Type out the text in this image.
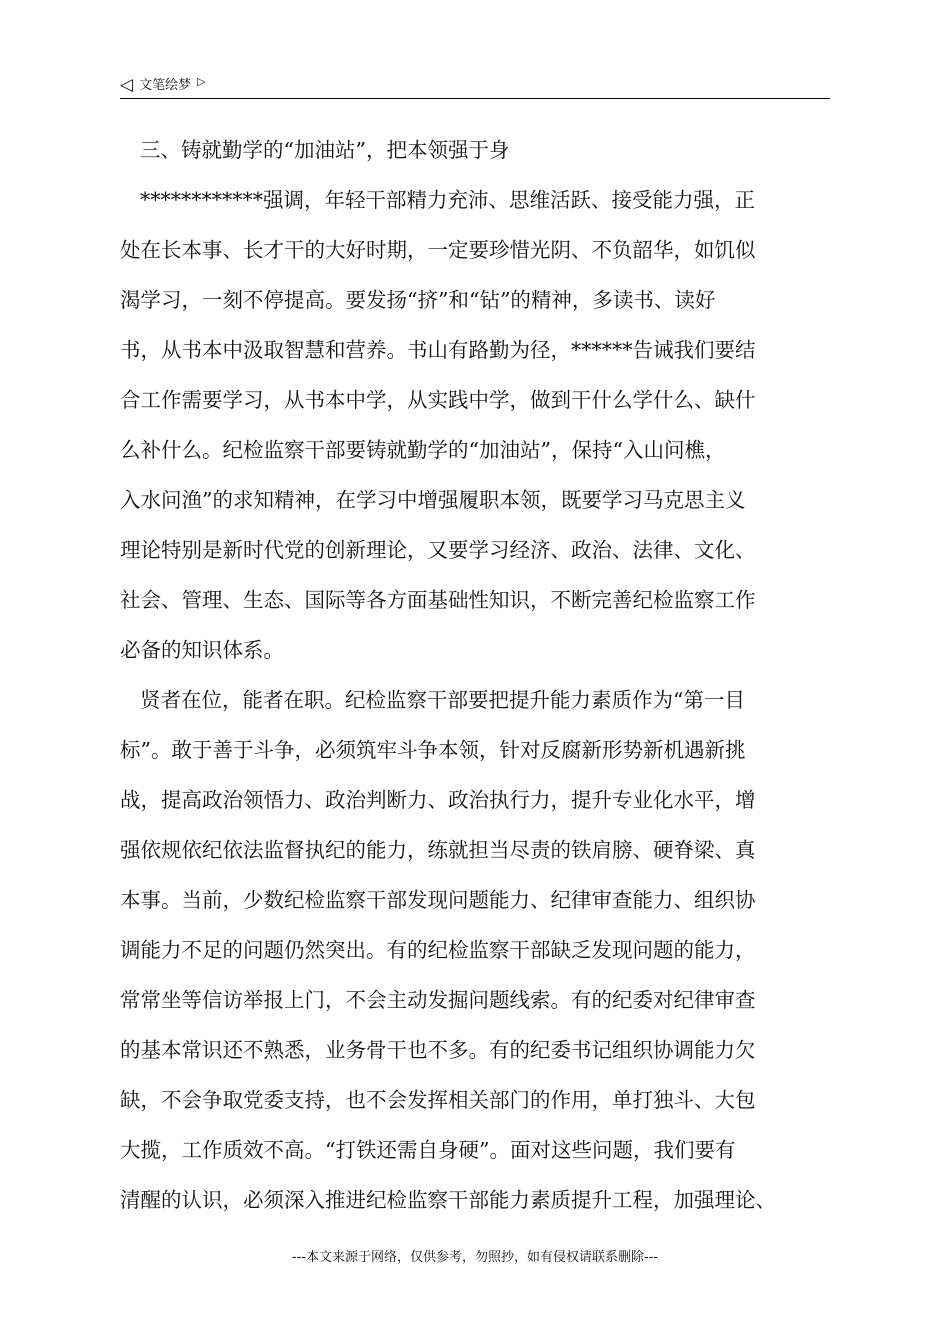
◁ 文笔绘梦 ▷
三、铸就勤学的“加油站”，把本领强于身
************强调，年轻干部精力充沛、思维活跃、接受能力强，正
处在长本事、长才干的大好时期，一定要珍惜光阴、不负韶华，如饥似
渴学习，一刻不停提高。要发扬“挤”和“钻”的精神，多读书、读好
书，从书本中汲取智慧和营养。书山有路勤为径，******告诫我们要结
合工作需要学习，从书本中学，从实践中学，做到干什么学什么、缺什
么补什么。纪检监察干部要铸就勤学的“加油站”，保持“入山问樵，
入水问渔”的求知精神，在学习中增强履职本领，既要学习马克思主义
理论特别是新时代党的创新理论，又要学习经济、政治、法律、文化、
社会、管理、生态、国际等各方面基础性知识，不断完善纪检监察工作
必备的知识体系。
贤者在位，能者在职。纪检监察干部要把提升能力素质作为“第一目
标”。敢于善于斗争，必须筑牢斗争本领，针对反腐新形势新机遇新挑
战，提高政治领悟力、政治判断力、政治执行力，提升专业化水平，增
强依规依纪依法监督执纪的能力，练就担当尽责的铁肩膀、硬脊梁、真
本事。当前，少数纪检监察干部发现问题能力、纪律审查能力、组织协
调能力不足的问题仍然突出。有的纪检监察干部缺乏发现问题的能力，
常常坐等信访举报上门，不会主动发掘问题线索。有的纪委对纪律审查
的基本常识还不熟悉，业务骨干也不多。有的纪委书记组织协调能力欠
缺，不会争取党委支持，也不会发挥相关部门的作用，单打独斗、大包
大揽，工作质效不高。“打铁还需自身硬”。面对这些问题，我们要有
清醒的认识，必须深入推进纪检监察干部能力素质提升工程，加强理论、
---本文来源于网络，仅供参考，勿照抄，如有侵权请联系删除---
